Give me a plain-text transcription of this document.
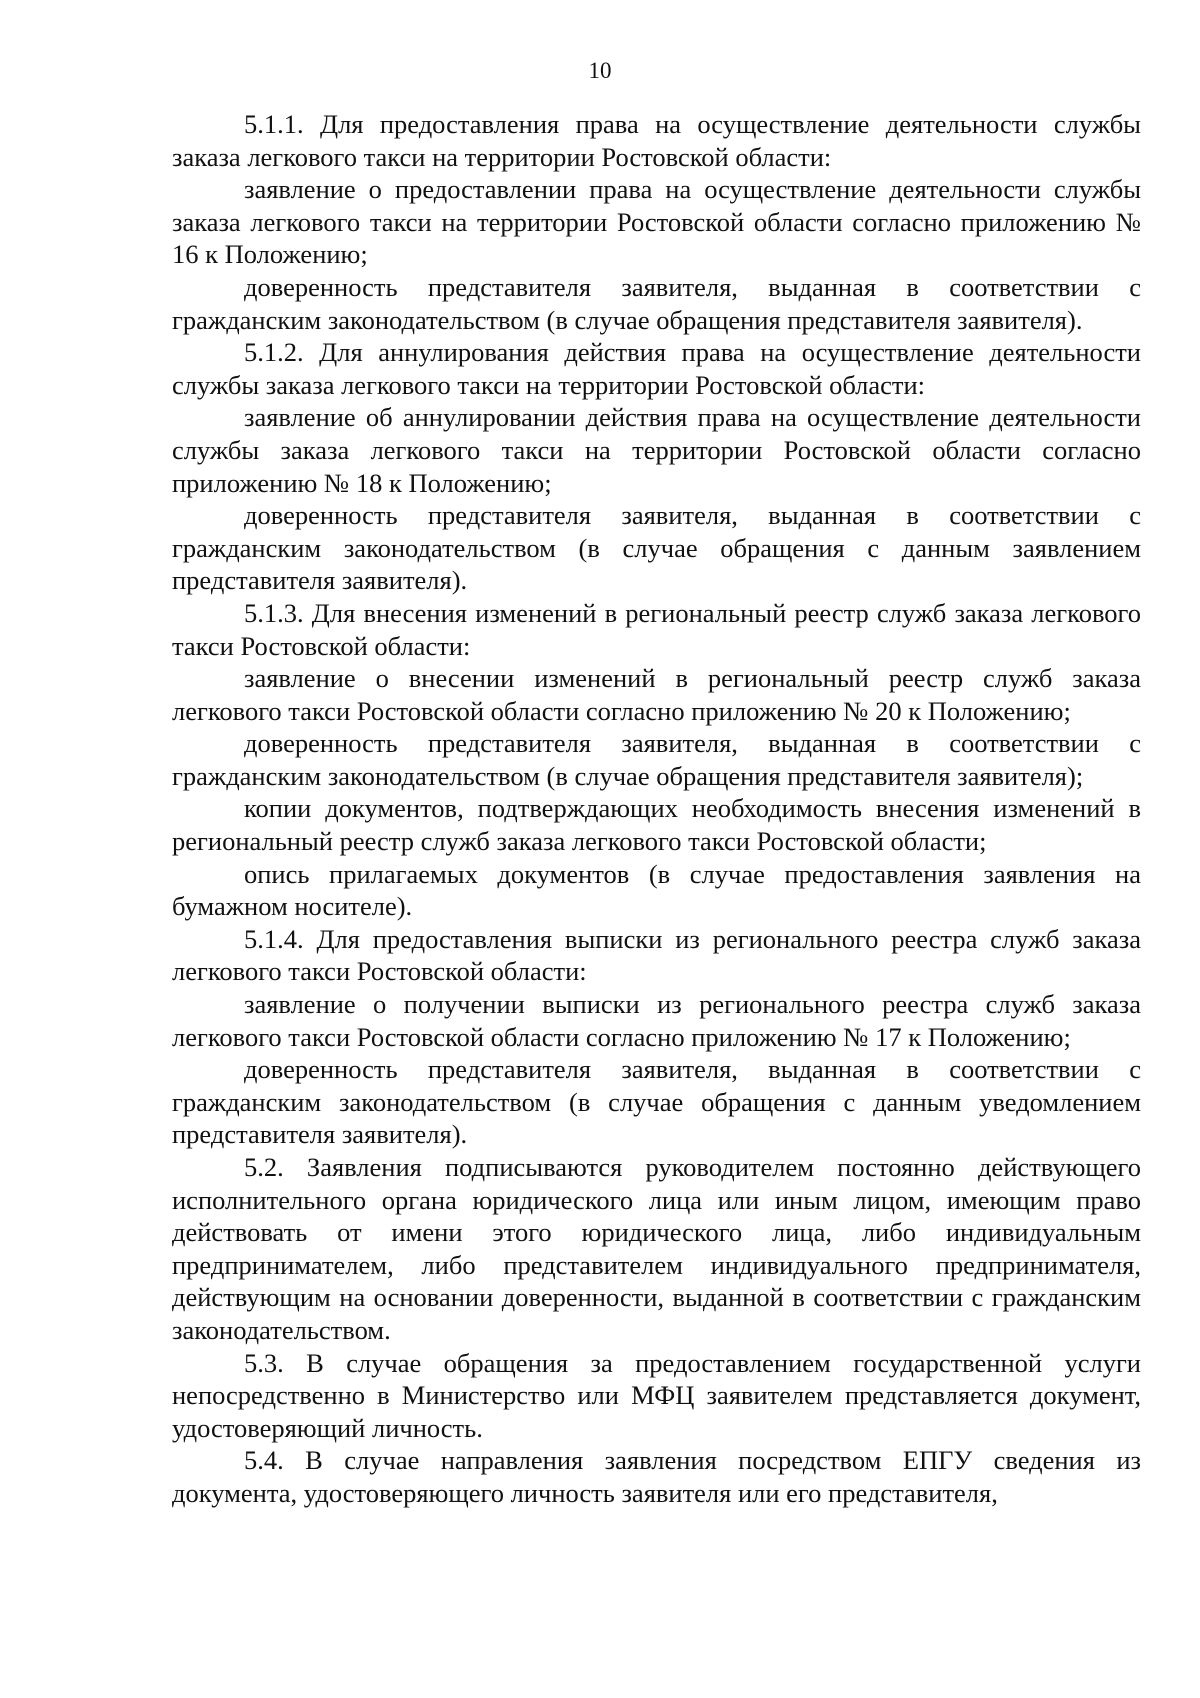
10

5.1.1. Для предоставления права на осуществление деятельности службы заказа легкового такси на территории Ростовской области:

заявление о предоставлении права на осуществление деятельности службы заказа легкового такси на территории Ростовской области согласно приложению № 16 к Положению;

доверенность представителя заявителя, выданная в соответствии с гражданским законодательством (в случае обращения представителя заявителя).

5.1.2. Для аннулирования действия права на осуществление деятельности службы заказа легкового такси на территории Ростовской области:

заявление об аннулировании действия права на осуществление деятельности службы заказа легкового такси на территории Ростовской области согласно приложению № 18 к Положению;

доверенность представителя заявителя, выданная в соответствии с гражданским законодательством (в случае обращения с данным заявлением представителя заявителя).

5.1.3. Для внесения изменений в региональный реестр служб заказа легкового такси Ростовской области:

заявление о внесении изменений в региональный реестр служб заказа легкового такси Ростовской области согласно приложению № 20 к Положению;

доверенность представителя заявителя, выданная в соответствии с гражданским законодательством (в случае обращения представителя заявителя);

копии документов, подтверждающих необходимость внесения изменений в региональный реестр служб заказа легкового такси Ростовской области;

опись прилагаемых документов (в случае предоставления заявления на бумажном носителе).

5.1.4. Для предоставления выписки из регионального реестра служб заказа легкового такси Ростовской области:

заявление о получении выписки из регионального реестра служб заказа легкового такси Ростовской области согласно приложению № 17 к Положению;

доверенность представителя заявителя, выданная в соответствии с гражданским законодательством (в случае обращения с данным уведомлением представителя заявителя).

5.2. Заявления подписываются руководителем постоянно действующего исполнительного органа юридического лица или иным лицом, имеющим право действовать от имени этого юридического лица, либо индивидуальным предпринимателем, либо представителем индивидуального предпринимателя, действующим на основании доверенности, выданной в соответствии с гражданским законодательством.

5.3. В случае обращения за предоставлением государственной услуги непосредственно в Министерство или МФЦ заявителем представляется документ, удостоверяющий личность.

5.4. В случае направления заявления посредством ЕПГУ сведения из документа, удостоверяющего личность заявителя или его представителя,
